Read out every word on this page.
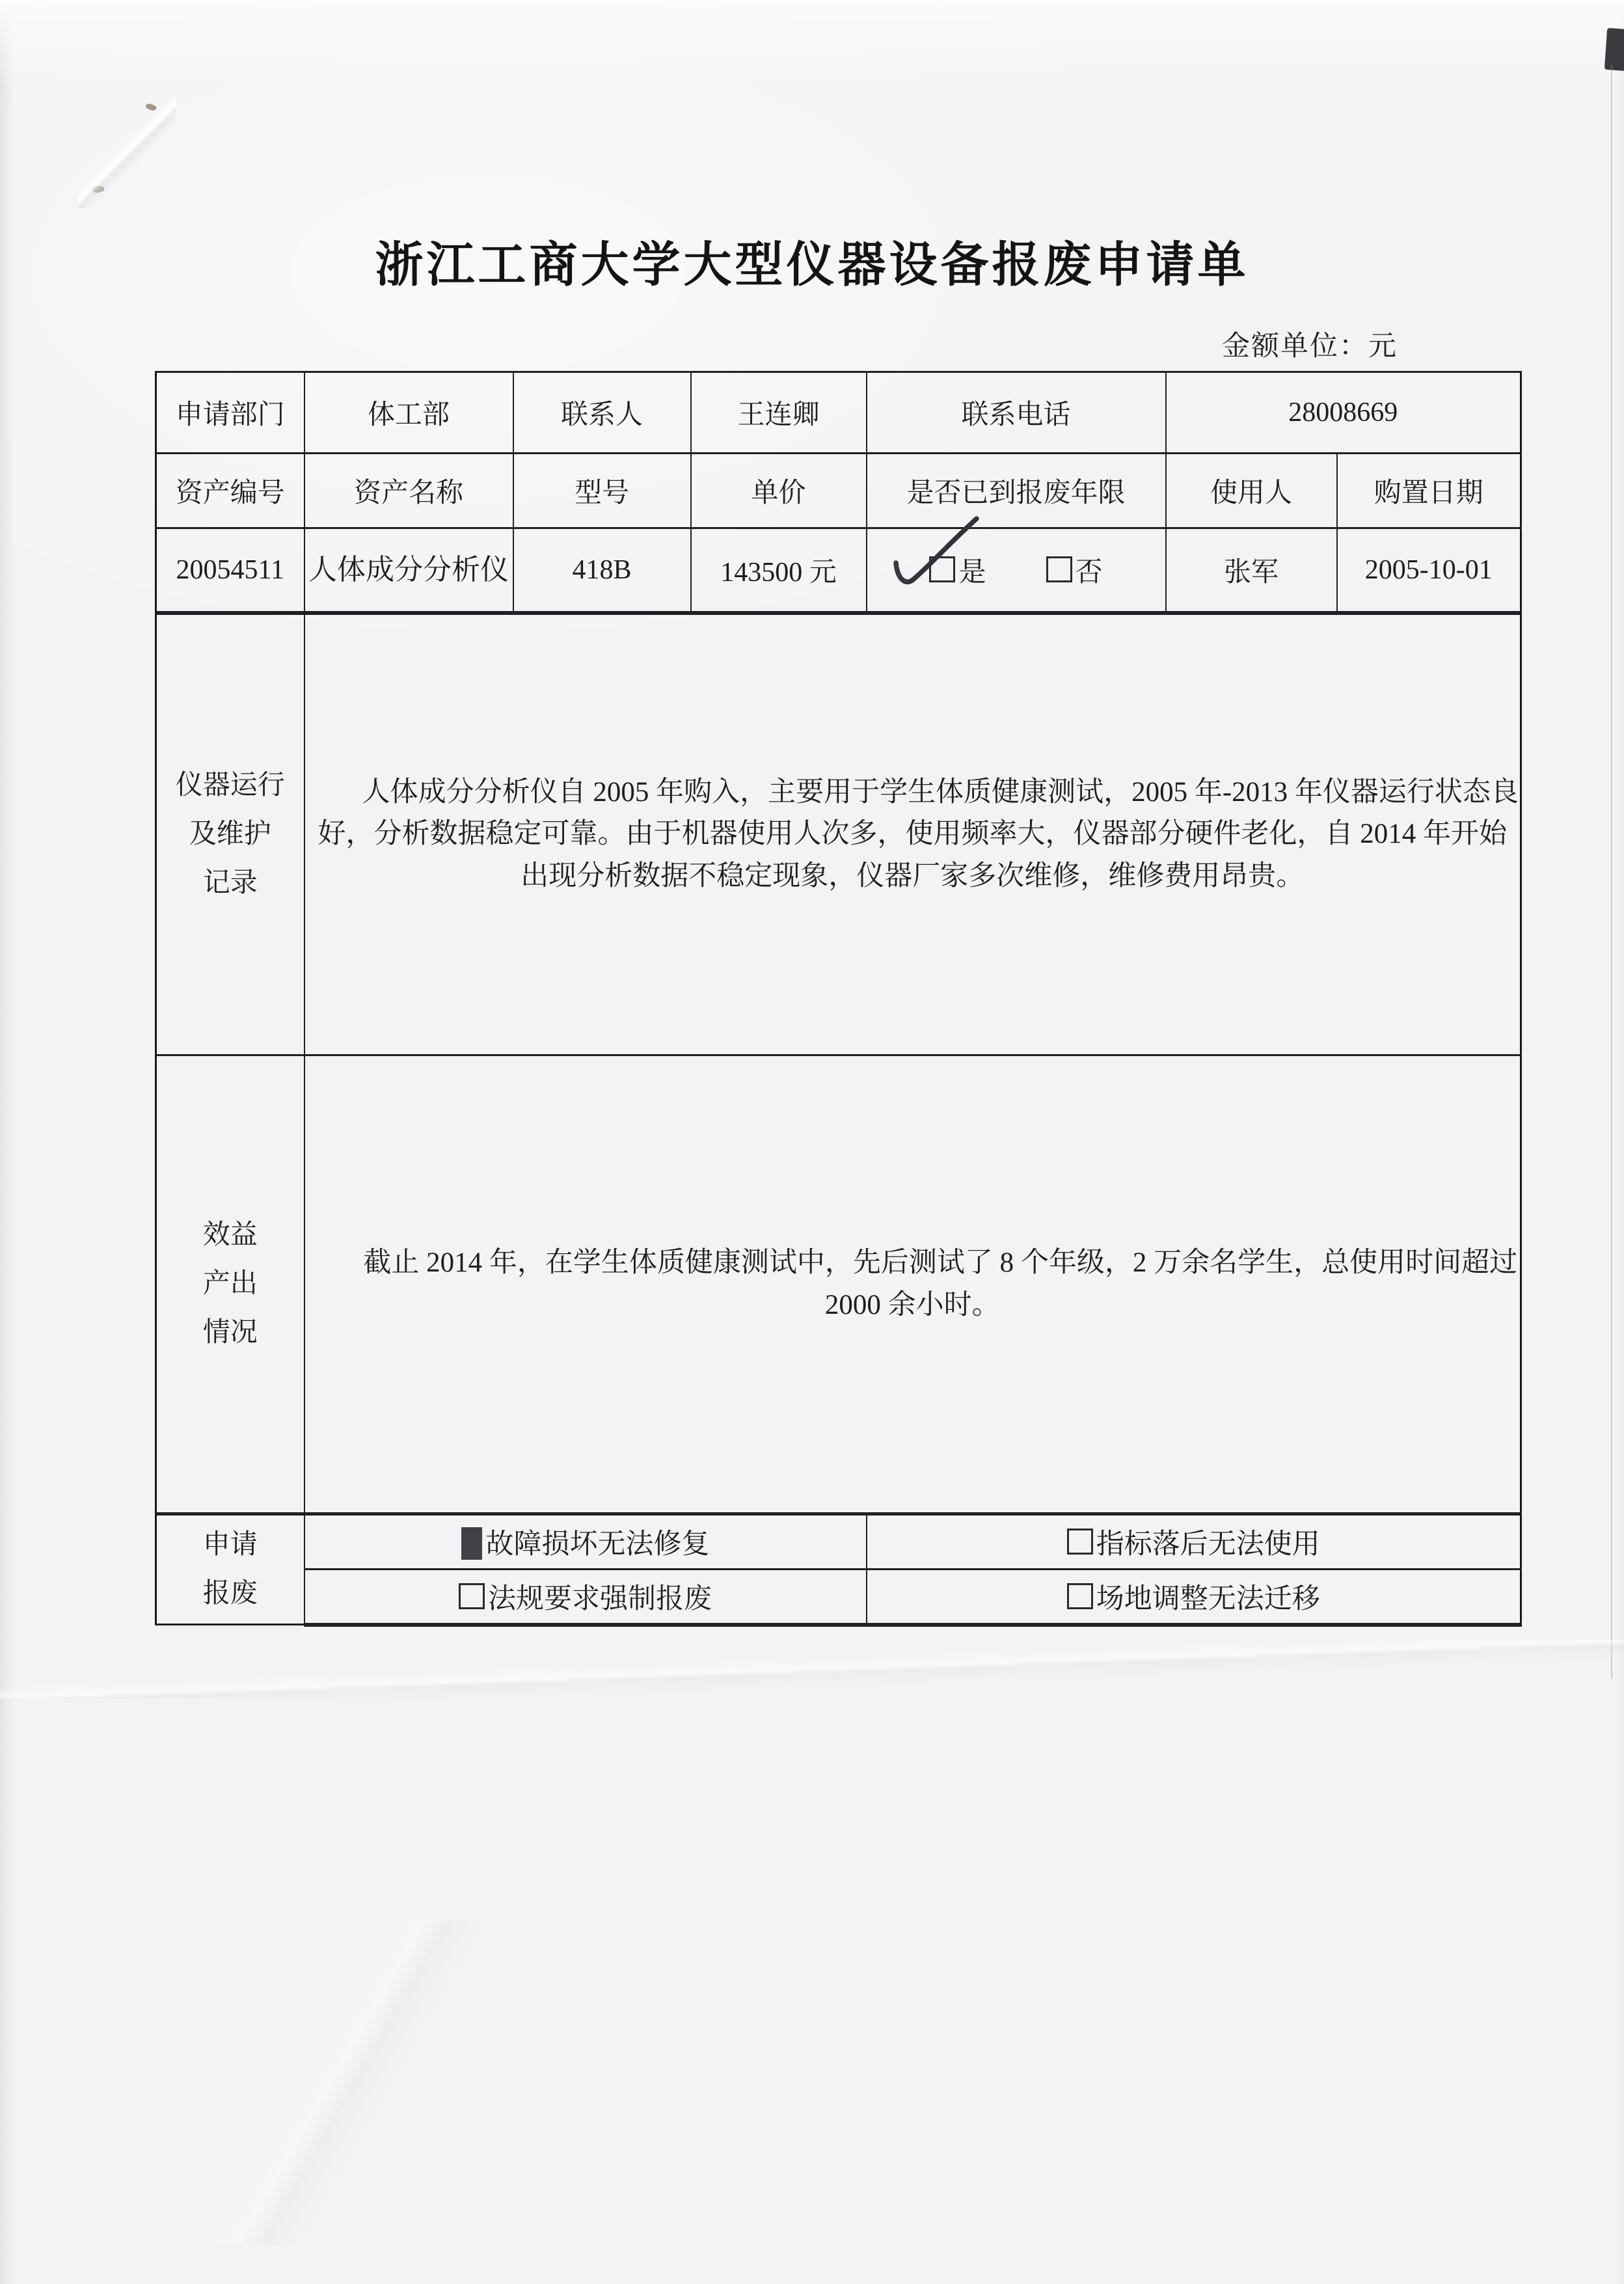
浙江工商大学大型仪器设备报废申请单
金额单位：元
申请部门	体工部	联系人	王连卿	联系电话	28008669	
资产编号	资产名称	型号	单价	是否已到报废年限	使用人	购置日期
20054511	人体成分分析仪	418B	143500 元	是 否	张军	2005-10-01

仪器运行
及维护
记录	人体成分分析仪自 2005 年购入，主要用于学生体质健康测试，2005 年-2013 年仪器运行状态良好，分析数据稳定可靠。由于机器使用人次多，使用频率大，仪器部分硬件老化，自 2014 年开始出现分析数据不稳定现象，仪器厂家多次维修，维修费用昂贵。					

效益
产出
情况	截止 2014 年，在学生体质健康测试中，先后测试了 8 个年级，2 万余名学生，总使用时间超过 2000 余小时。					

申请
报废	故障损坏无法修复			指标落后无法使用		
	法规要求强制报废			场地调整无法迁移		
